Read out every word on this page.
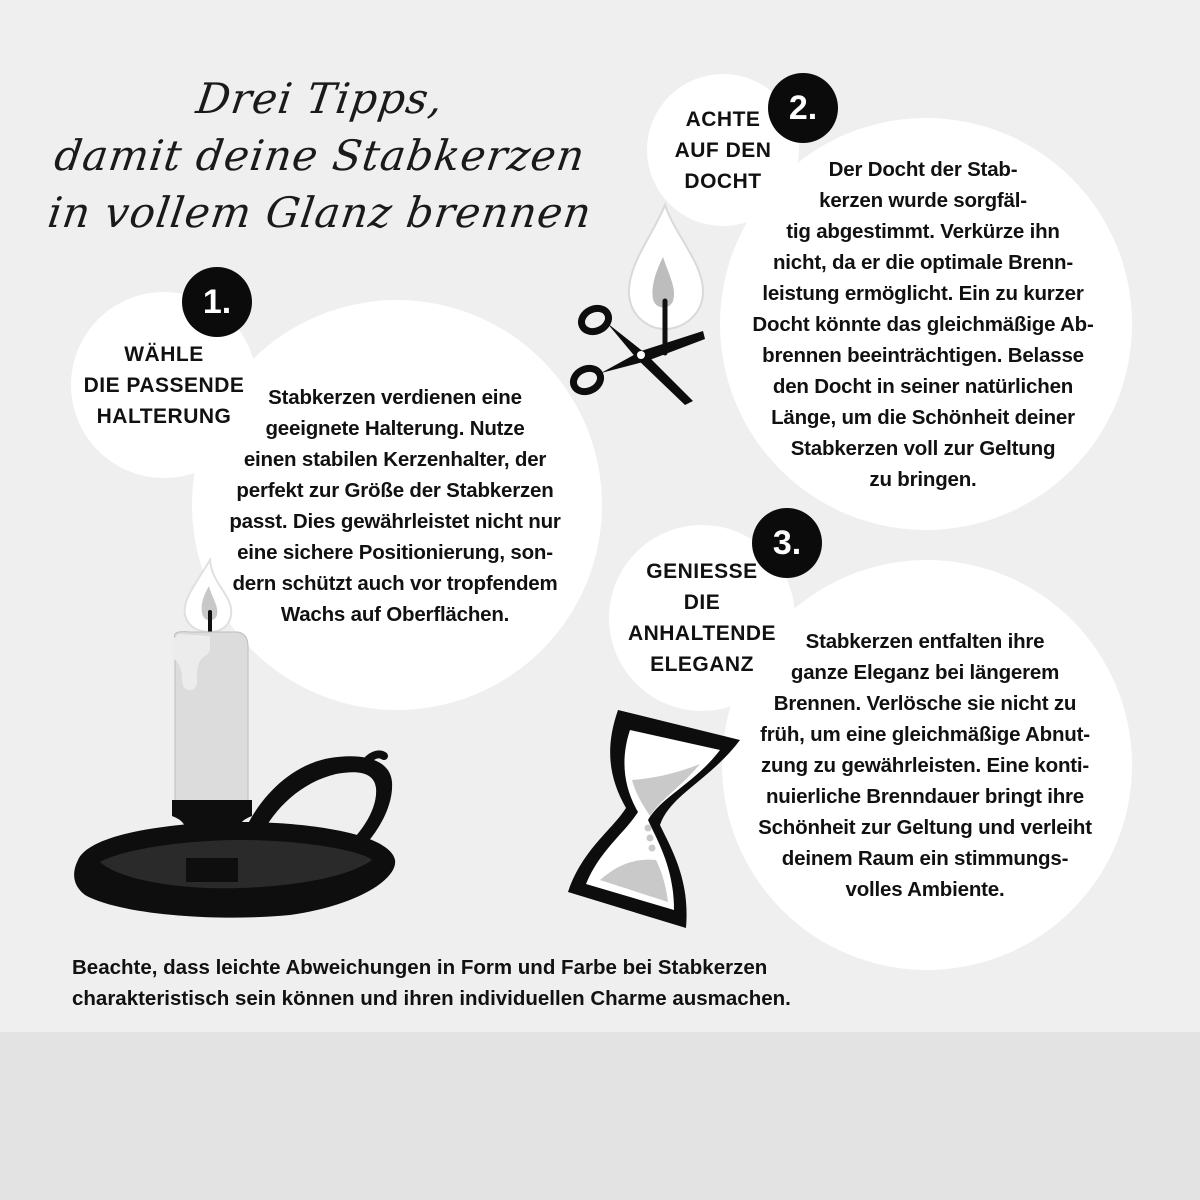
Drei Tipps,
damit deine Stabkerzen
in vollem Glanz brennen
WÄHLE
DIE PASSENDE
HALTERUNG
1.
Stabkerzen verdienen eine
geeignete Halterung. Nutze
einen stabilen Kerzenhalter, der
perfekt zur Größe der Stabkerzen
passt. Dies gewährleistet nicht nur
eine sichere Positionierung, son-
dern schützt auch vor tropfendem
Wachs auf Oberflächen.
ACHTE
AUF DEN
DOCHT
2.
Der Docht der Stab-
kerzen wurde sorgfäl-
tig abgestimmt. Verkürze ihn
nicht, da er die optimale Brenn-
leistung ermöglicht. Ein zu kurzer
Docht könnte das gleichmäßige Ab-
brennen beeinträchtigen. Belasse
den Docht in seiner natürlichen
Länge, um die Schönheit deiner
Stabkerzen voll zur Geltung
zu bringen.
GENIESSE
DIE
ANHALTENDE
ELEGANZ
3.
Stabkerzen entfalten ihre
ganze Eleganz bei längerem
Brennen. Verlösche sie nicht zu
früh, um eine gleichmäßige Abnut-
zung zu gewährleisten. Eine konti-
nuierliche Brenndauer bringt ihre
Schönheit zur Geltung und verleiht
deinem Raum ein stimmungs-
volles Ambiente.
Beachte, dass leichte Abweichungen in Form und Farbe bei Stabkerzen
charakteristisch sein können und ihren individuellen Charme ausmachen.
